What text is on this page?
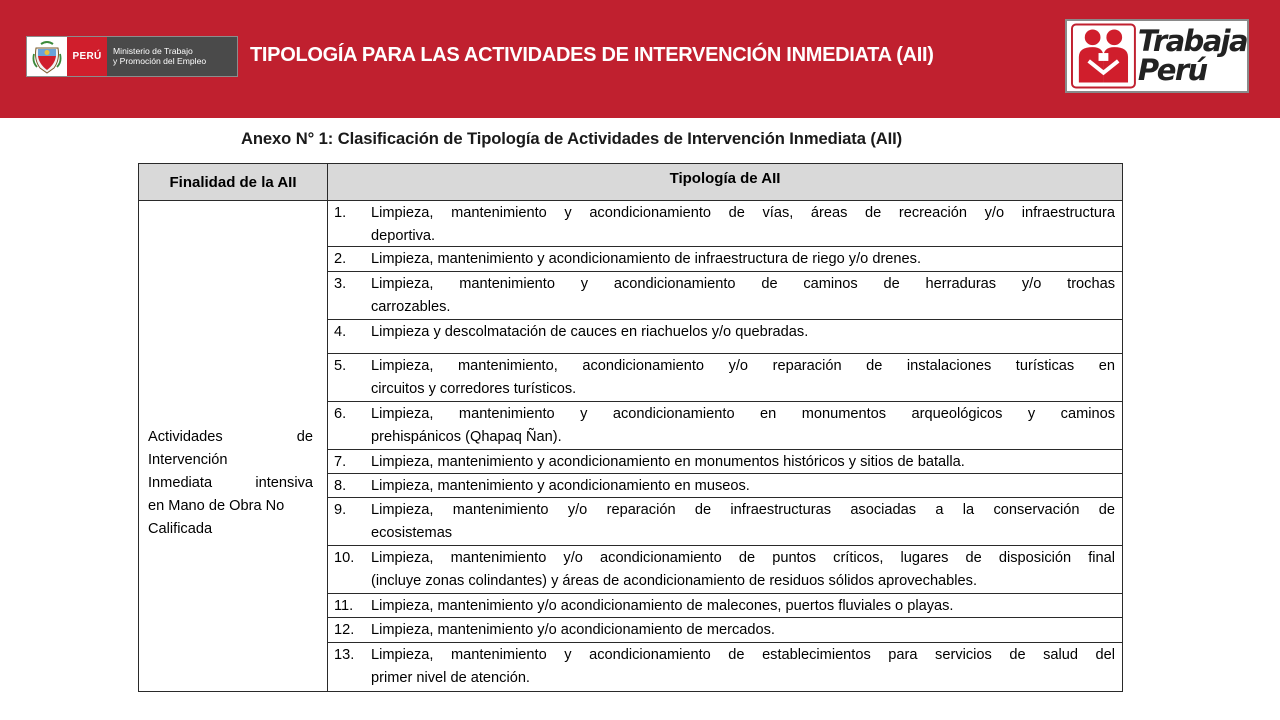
PERÚ	Ministerio de Trabajo
y Promoción del Empleo	TIPOLOGÍA PARA LAS ACTIVIDADES DE INTERVENCIÓN INMEDIATA (AII)	Trabaja
Perú
Anexo N° 1: Clasificación de Tipología de Actividades de Intervención Inmediata (AII)
Finalidad de la AII	Tipología de AII
Actividades de
Intervención
Inmediata intensiva
en Mano de Obra No
Calificada
1. Limpieza, mantenimiento y acondicionamiento de vías, áreas de recreación y/o infraestructura
deportiva.
2. Limpieza, mantenimiento y acondicionamiento de infraestructura de riego y/o drenes.
3. Limpieza, mantenimiento y acondicionamiento de caminos de herraduras y/o trochas
carrozables.
4. Limpieza y descolmatación de cauces en riachuelos y/o quebradas.
5. Limpieza, mantenimiento, acondicionamiento y/o reparación de instalaciones turísticas en
circuitos y corredores turísticos.
6. Limpieza, mantenimiento y acondicionamiento en monumentos arqueológicos y caminos
prehispánicos (Qhapaq Ñan).
7. Limpieza, mantenimiento y acondicionamiento en monumentos históricos y sitios de batalla.
8. Limpieza, mantenimiento y acondicionamiento en museos.
9. Limpieza, mantenimiento y/o reparación de infraestructuras asociadas a la conservación de
ecosistemas
10. Limpieza, mantenimiento y/o acondicionamiento de puntos críticos, lugares de disposición final
(incluye zonas colindantes) y áreas de acondicionamiento de residuos sólidos aprovechables.
11. Limpieza, mantenimiento y/o acondicionamiento de malecones, puertos fluviales o playas.
12. Limpieza, mantenimiento y/o acondicionamiento de mercados.
13. Limpieza, mantenimiento y acondicionamiento de establecimientos para servicios de salud del
primer nivel de atención.
